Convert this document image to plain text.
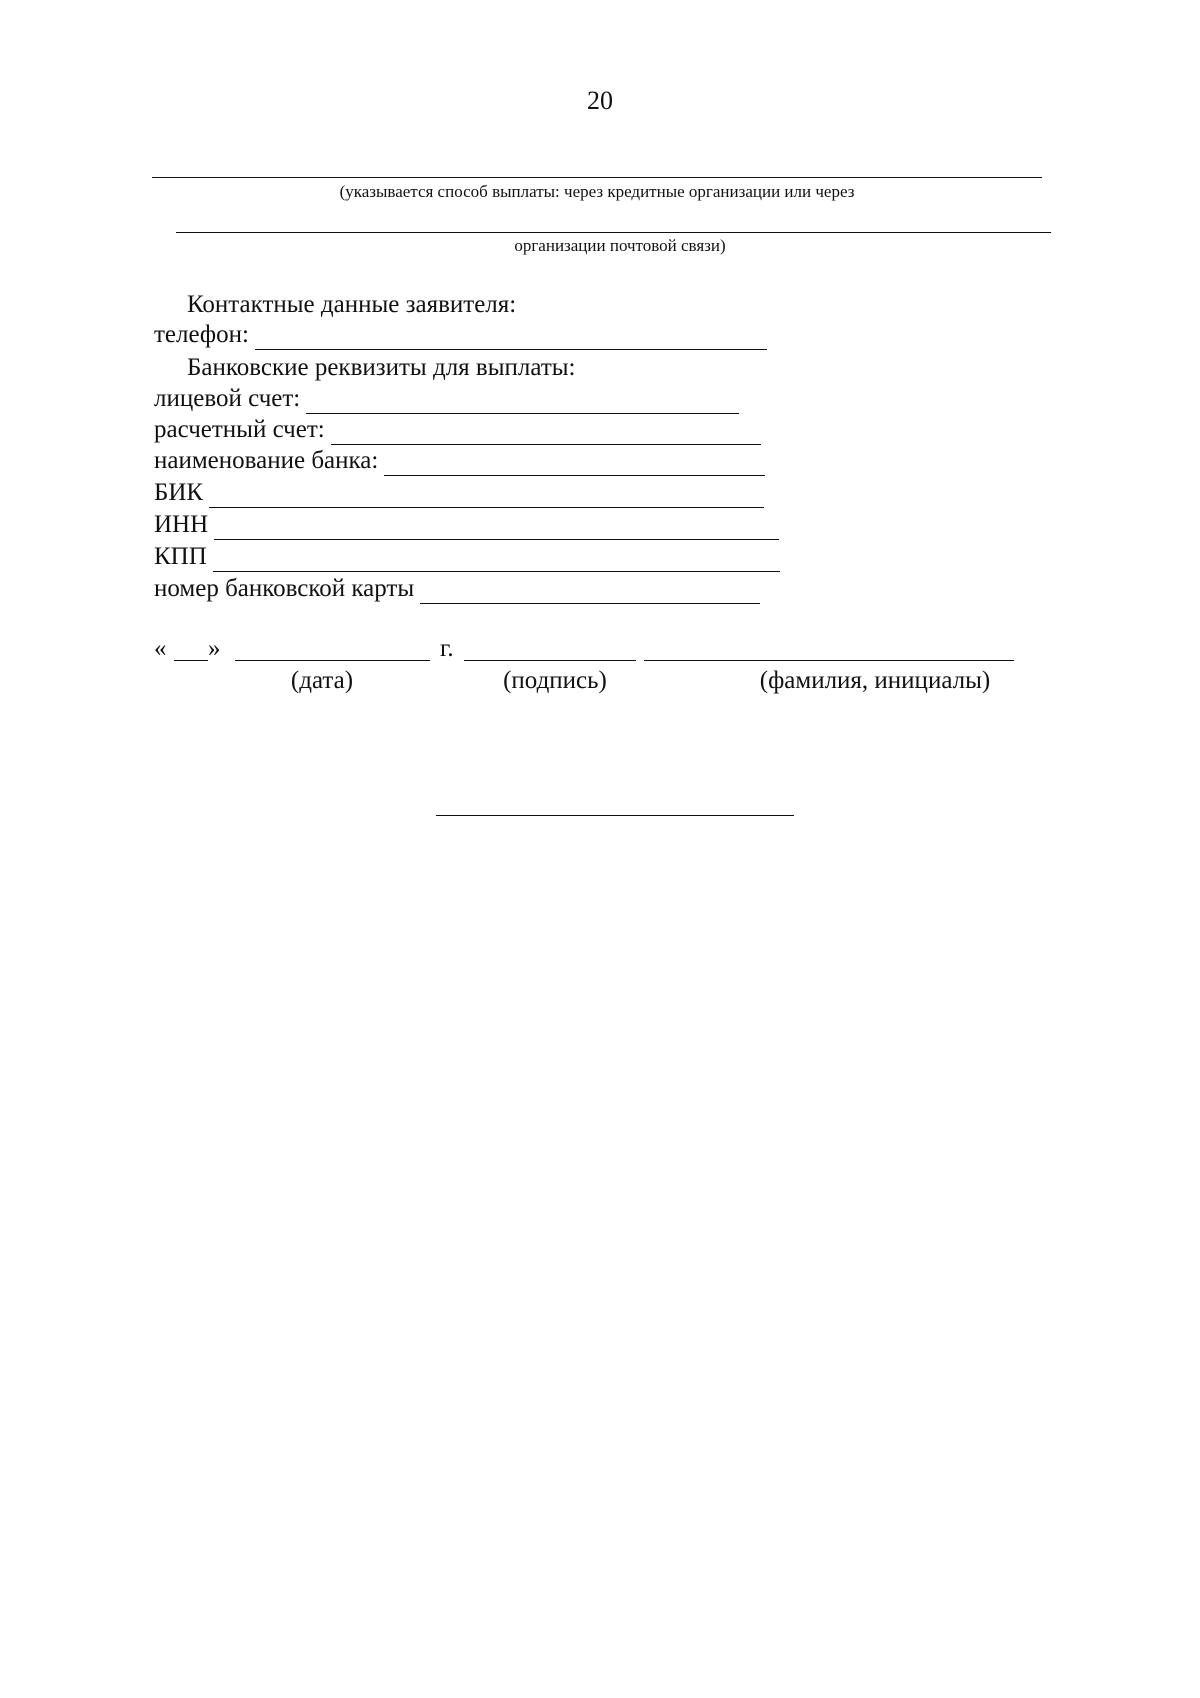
20
(указывается способ выплаты: через кредитные организации или через
организации почтовой связи)
Контактные данные заявителя:
телефон:
Банковские реквизиты для выплаты:
лицевой счет:
расчетный счет:
наименование банка:
БИК
ИНН
КПП
номер банковской карты
« »	г.
(дата)	(подпись)	(фамилия, инициалы)
